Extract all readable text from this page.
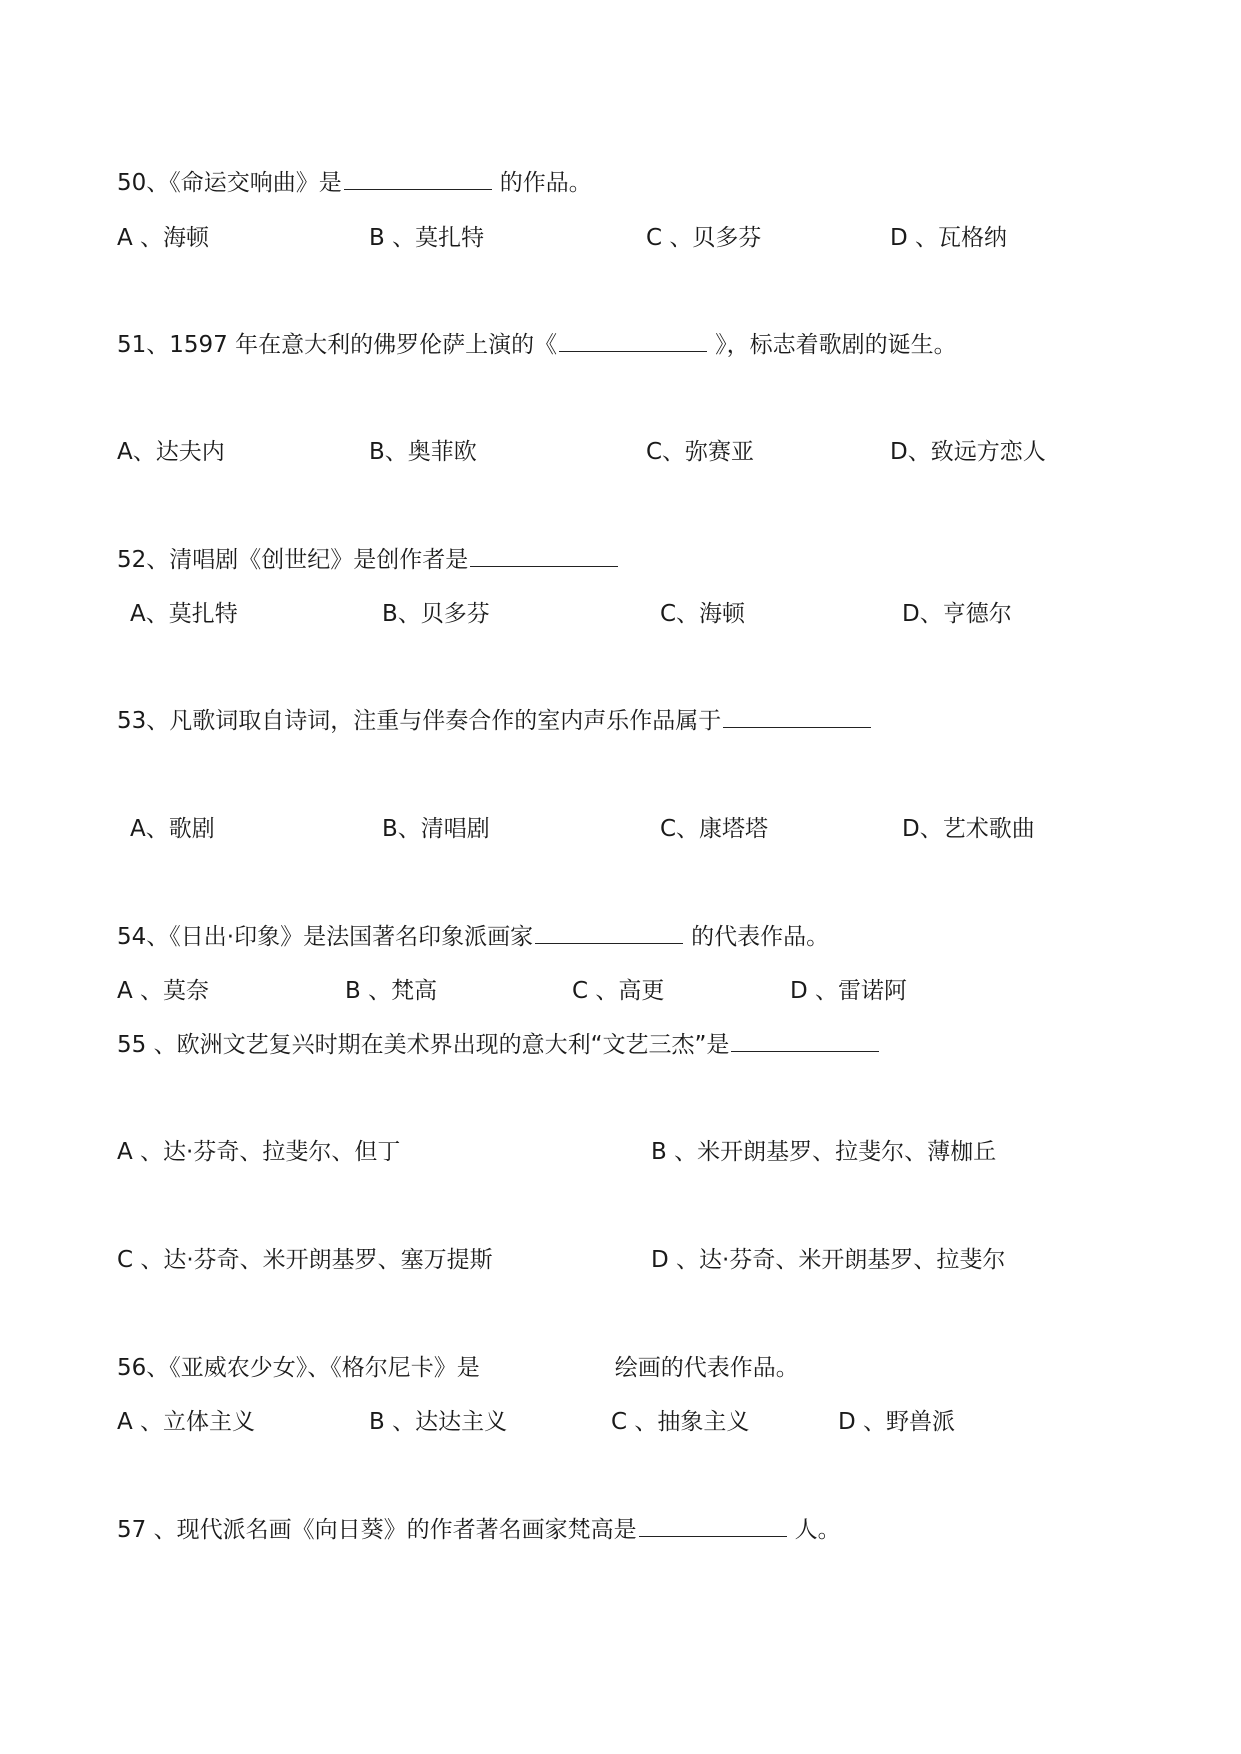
50、《命运交响曲》是	的作品。
A 、海顿	B 、莫扎特	C 、贝多芬	D 、瓦格纳
51、1597 年在意大利的佛罗伦萨上演的《	》，标志着歌剧的诞生。
A、达夫内	B、奥菲欧	C、弥赛亚	D、致远方恋人
52、清唱剧《创世纪》是创作者是
A、莫扎特	B、贝多芬	C、海顿	D、亨德尔
53、凡歌词取自诗词，注重与伴奏合作的室内声乐作品属于
A、歌剧	B、清唱剧	C、康塔塔	D、艺术歌曲
54、《日出·印象》是法国著名印象派画家	的代表作品。
A 、莫奈	B 、梵高	C 、高更	D 、雷诺阿
55 、欧洲文艺复兴时期在美术界出现的意大利“文艺三杰”是
A 、达·芬奇、拉斐尔、但丁	B 、米开朗基罗、拉斐尔、薄枷丘
C 、达·芬奇、米开朗基罗、塞万提斯	D 、达·芬奇、米开朗基罗、拉斐尔
56、《亚威农少女》、《格尔尼卡》是	绘画的代表作品。
A 、立体主义	B 、达达主义	C 、抽象主义	D 、野兽派
57 、现代派名画《向日葵》的作者著名画家梵高是	人。
